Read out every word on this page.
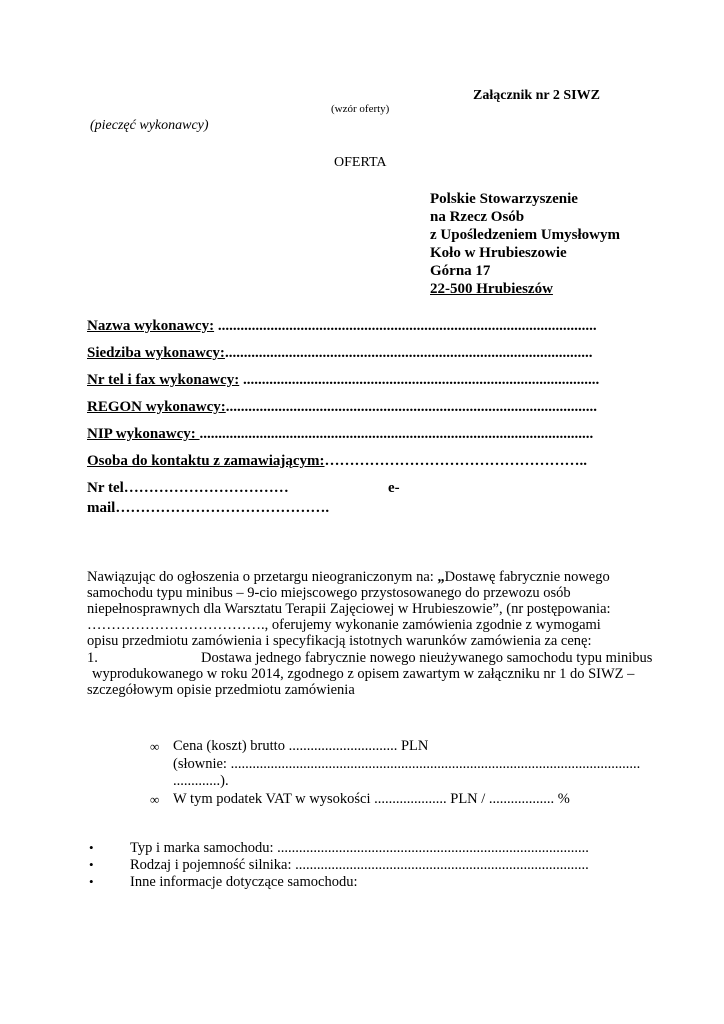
Załącznik nr 2 SIWZ
(wzór oferty)
(pieczęć wykonawcy)
OFERTA
Polskie Stowarzyszenie
na Rzecz Osób
z Upośledzeniem Umysłowym
Koło w Hrubieszowie
Górna 17
22-500 Hrubieszów
Nazwa wykonawcy: .....................................................................................................
Siedziba wykonawcy:..................................................................................................
Nr tel i fax wykonawcy: ...............................................................................................
REGON wykonawcy:...................................................................................................
NIP wykonawcy: .........................................................................................................
Osoba do kontaktu z zamawiającym:……………………………………………..
Nr tel……………………………	e-
mail…………………………………….
Nawiązując do ogłoszenia o przetargu nieograniczonym na: „Dostawę fabrycznie nowego
samochodu typu minibus – 9-cio miejscowego przystosowanego do przewozu osób
niepełnosprawnych dla Warsztatu Terapii Zajęciowej w Hrubieszowie”, (nr postępowania:
………………………………., oferujemy wykonanie zamówienia zgodnie z wymogami
opisu przedmiotu zamówienia i specyfikacją istotnych warunków zamówienia za cenę:
1.	Dostawa jednego fabrycznie nowego nieużywanego samochodu typu minibus
wyprodukowanego w roku 2014, zgodnego z opisem zawartym w załączniku nr 1 do SIWZ –
szczegółowym opisie przedmiotu zamówienia
∞ Cena (koszt) brutto .............................. PLN
(słownie: .................................................................................................................
.............).
∞ W tym podatek VAT w wysokości .................... PLN / .................. %
•	Typ i marka samochodu: ......................................................................................
•	Rodzaj i pojemność silnika: .................................................................................
•	Inne informacje dotyczące samochodu:
